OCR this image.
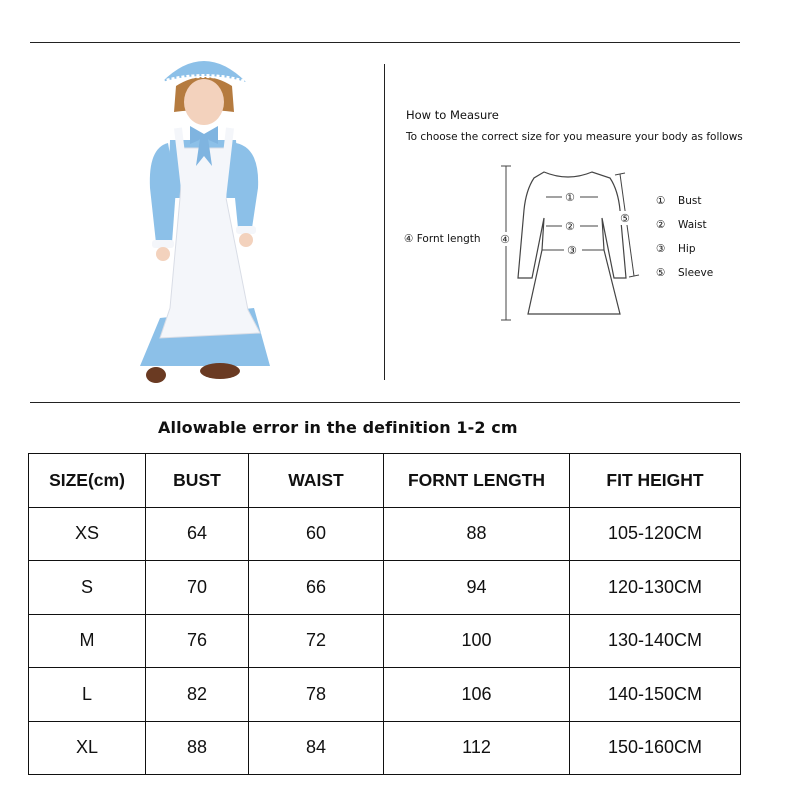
How to Measure
To choose the correct size for you measure your body as follows
④ Fornt length
①
②
③
④
⑤
① Bust
② Waist
③ Hip
⑤ Sleeve
Allowable error in the definition 1-2 cm
SIZE(cm)	BUST	WAIST	FORNT LENGTH	FIT HEIGHT
XS	64	60	88	105-120CM
S	70	66	94	120-130CM
M	76	72	100	130-140CM
L	82	78	106	140-150CM
XL	88	84	112	150-160CM
